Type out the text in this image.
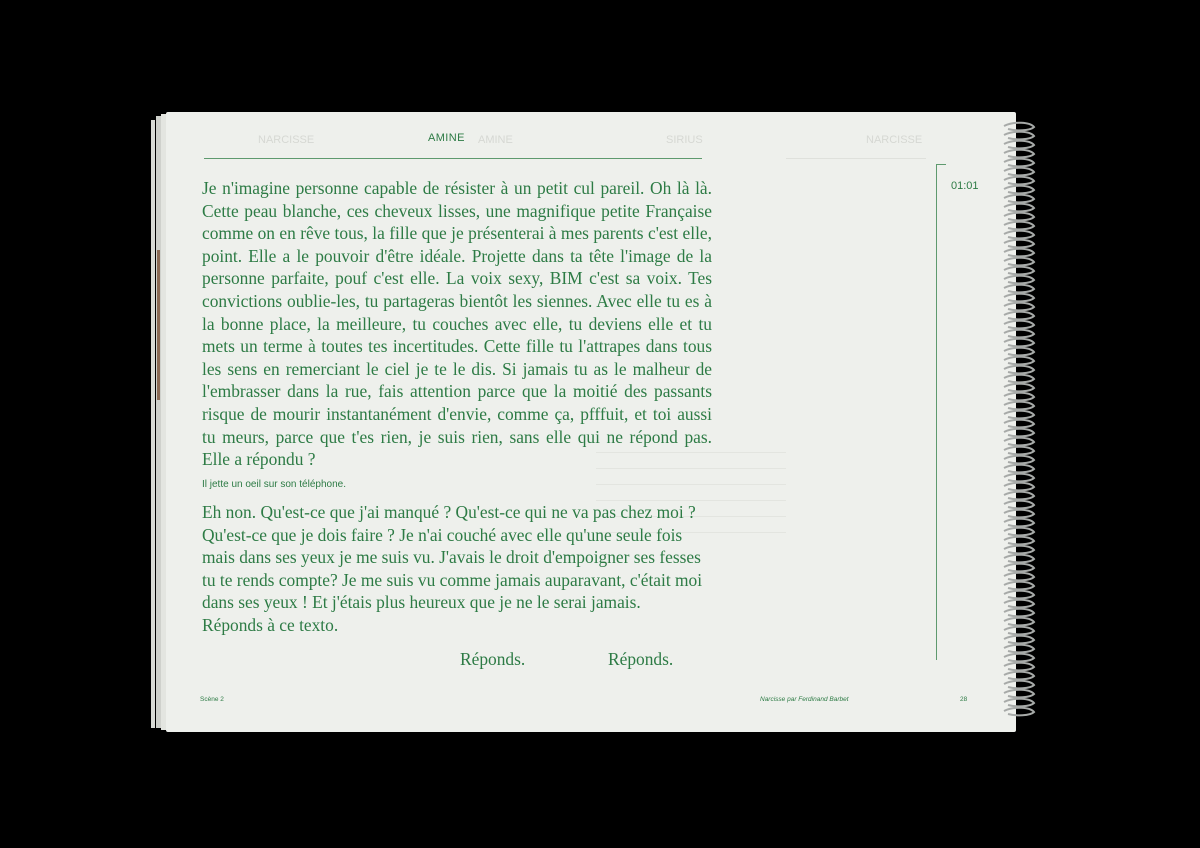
NARCISSE	AMINE	SIRIUS	NARCISSE
AMINE

Je n'imagine personne capable de résister à un petit cul pareil. Oh là là. Cette peau blanche, ces cheveux lisses, une magnifique petite Française comme on en rêve tous, la fille que je présenterai à mes parents c'est elle, point. Elle a le pouvoir d'être idéale. Projette dans ta tête l'image de la personne parfaite, pouf c'est elle. La voix sexy, BIM c'est sa voix. Tes convictions oublie-les, tu partageras bientôt les siennes. Avec elle tu es à la bonne place, la meilleure, tu couches avec elle, tu deviens elle et tu mets un terme à toutes tes incertitudes. Cette fille tu l'attrapes dans tous les sens en remerciant le ciel je te le dis. Si jamais tu as le malheur de l'embrasser dans la rue, fais attention parce que la moitié des passants risque de mourir instantanément d'envie, comme ça, pfffuit, et toi aussi tu meurs, parce que t'es rien, je suis rien, sans elle qui ne répond pas. Elle a répondu ?

Il jette un oeil sur son téléphone.

Eh non. Qu'est-ce que j'ai manqué ? Qu'est-ce qui ne va pas chez moi ? Qu'est-ce que je dois faire ? Je n'ai couché avec elle qu'une seule fois mais dans ses yeux je me suis vu. J'avais le droit d'empoigner ses fesses tu te rends compte? Je me suis vu comme jamais auparavant, c'était moi dans ses yeux ! Et j'étais plus heureux que je ne le serai jamais.
Réponds à ce texto.

Réponds.	Réponds.
01:01
Scène 2	Narcisse par Ferdinand Barbet	28
